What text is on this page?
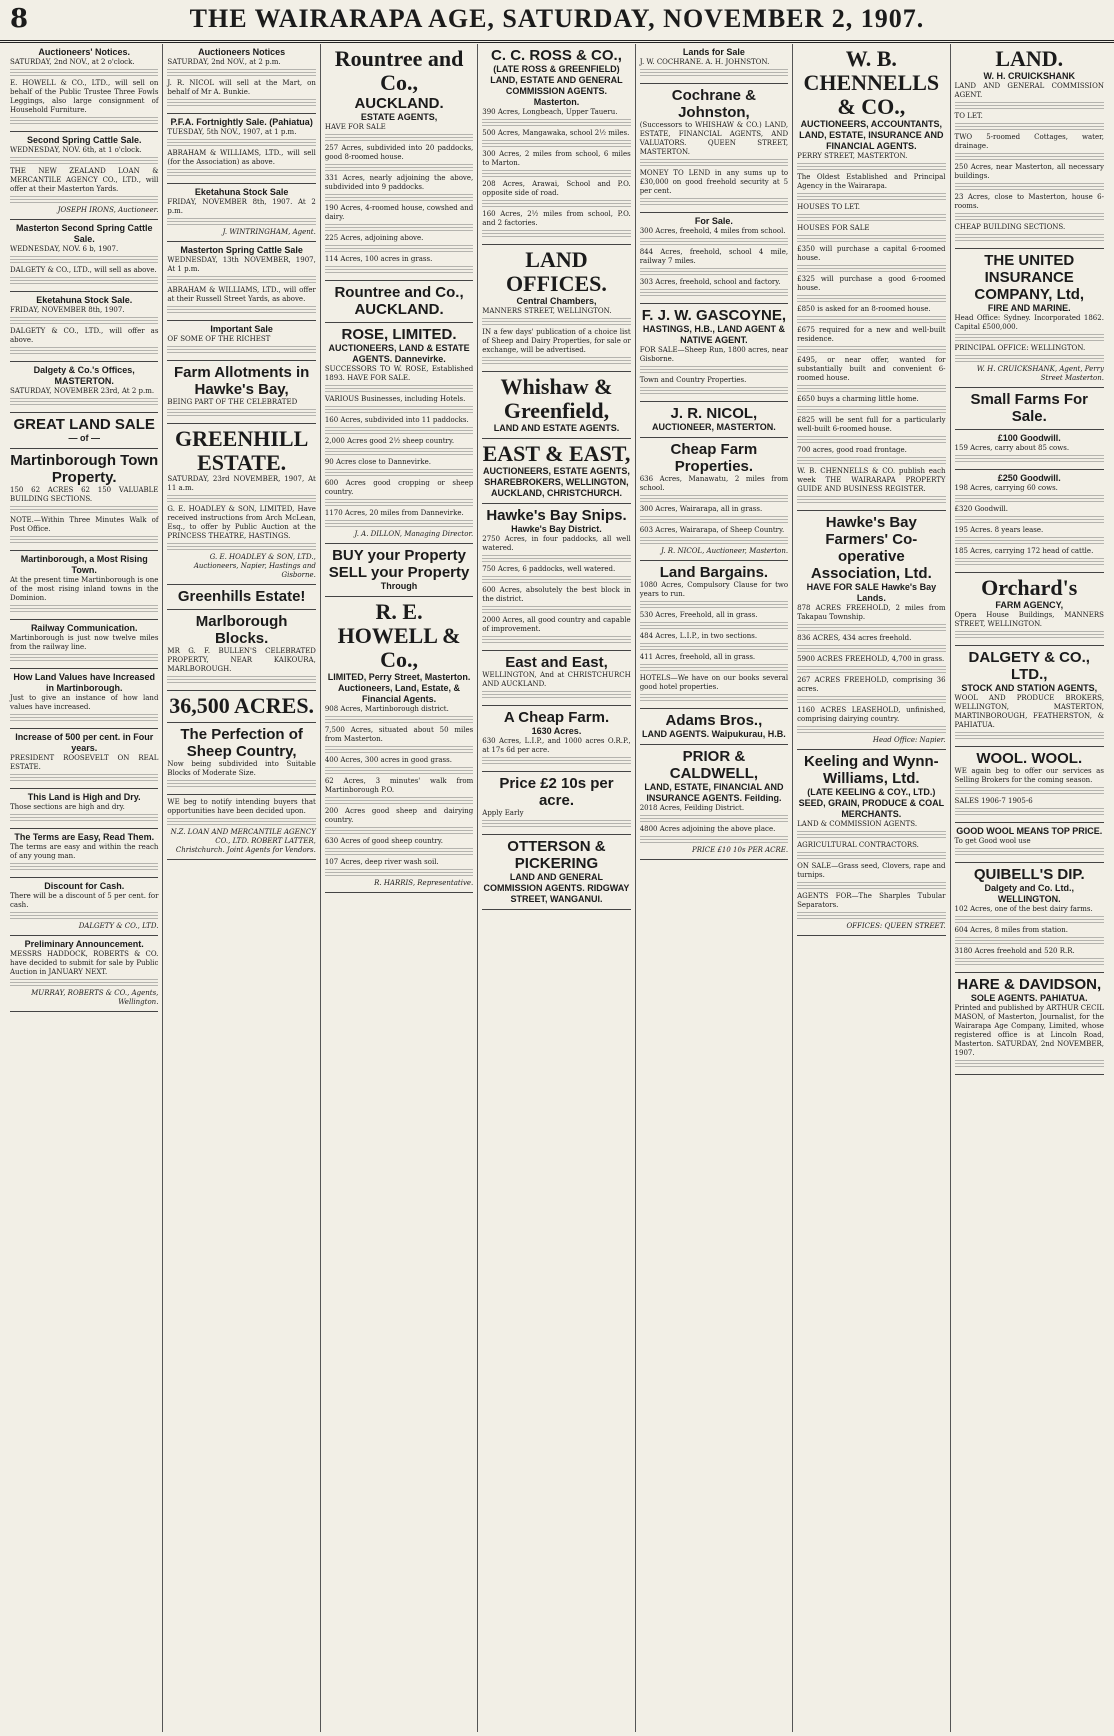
8	THE WAIRARAPA AGE, SATURDAY, NOVEMBER 2, 1907.
Auctioneers' Notices.
SATURDAY, 2nd NOV., at 2 o'clock.
E. HOWELL & CO., LTD., will sell on behalf of the Public Trustee Three Fowls Leggings, also large consignment of Household Furniture.
Second Spring Cattle Sale.
WEDNESDAY, NOV. 6th, at 1 o'clock.
THE NEW ZEALAND LOAN & MERCANTILE AGENCY CO., LTD., will offer at their Masterton Yards.
JOSEPH IRONS, Auctioneer.
Masterton Second Spring Cattle Sale.
WEDNESDAY, NOV. 6 b, 1907.
DALGETY & CO., LTD., will sell as above.
Eketahuna Stock Sale.
FRIDAY, NOVEMBER 8th, 1907.
DALGETY & CO., LTD., will offer as above.
Dalgety & Co.'s Offices, MASTERTON.
SATURDAY, NOVEMBER 23rd, At 2 p.m.
GREAT LAND SALE
— of —
Martinborough Town Property.
150 62 ACRES 62 150 VALUABLE BUILDING SECTIONS.
NOTE.—Within Three Minutes Walk of Post Office.
Martinborough, a Most Rising Town.
At the present time Martinborough is one of the most rising inland towns in the Dominion.
Railway Communication.
Martinborough is just now twelve miles from the railway line.
How Land Values have Increased in Martinborough.
Just to give an instance of how land values have increased.
Increase of 500 per cent. in Four years.
PRESIDENT ROOSEVELT ON REAL ESTATE.
This Land is High and Dry.
Those sections are high and dry.
The Terms are Easy, Read Them.
The terms are easy and within the reach of any young man.
Discount for Cash.
There will be a discount of 5 per cent. for cash.
DALGETY & CO., LTD.
Preliminary Announcement.
MESSRS HADDOCK, ROBERTS & CO. have decided to submit for sale by Public Auction in JANUARY NEXT.
MURRAY, ROBERTS & CO., Agents, Wellington.
Auctioneers Notices
SATURDAY, 2nd NOV., at 2 p.m.
J. R. NICOL will sell at the Mart, on behalf of Mr A. Bunkie.
P.F.A. Fortnightly Sale. (Pahiatua)
TUESDAY, 5th NOV., 1907, at 1 p.m.
ABRAHAM & WILLIAMS, LTD., will sell (for the Association) as above.
Eketahuna Stock Sale
FRIDAY, NOVEMBER 8th, 1907. At 2 p.m.
J. WINTRINGHAM, Agent.
Masterton Spring Cattle Sale
WEDNESDAY, 13th NOVEMBER, 1907, At 1 p.m.
ABRAHAM & WILLIAMS, LTD., will offer at their Russell Street Yards, as above.
Important Sale
OF SOME OF THE RICHEST
Farm Allotments in Hawke's Bay,
BEING PART OF THE CELEBRATED
GREENHILL ESTATE.
SATURDAY, 23rd NOVEMBER, 1907, At 11 a.m.
G. E. HOADLEY & SON, LIMITED, Have received instructions from Arch McLean, Esq., to offer by Public Auction at the PRINCESS THEATRE, HASTINGS.
G. E. HOADLEY & SON, LTD., Auctioneers, Napier, Hastings and Gisborne.
Greenhills Estate!
Marlborough Blocks.
MR G. F. BULLEN'S CELEBRATED PROPERTY, NEAR KAIKOURA, MARLBOROUGH.
36,500 ACRES.
The Perfection of Sheep Country,
Now being subdivided into Suitable Blocks of Moderate Size.
WE beg to notify intending buyers that opportunities have been decided upon.
N.Z. LOAN AND MERCANTILE AGENCY CO., LTD. ROBERT LATTER, Christchurch. Joint Agents for Vendors.
Rountree and Co.,
AUCKLAND.
ESTATE AGENTS,
HAVE FOR SALE
257 Acres, subdivided into 20 paddocks, good 8-roomed house.
331 Acres, nearly adjoining the above, subdivided into 9 paddocks.
190 Acres, 4-roomed house, cowshed and dairy.
225 Acres, adjoining above.
114 Acres, 100 acres in grass.
Rountree and Co., AUCKLAND.
ROSE, LIMITED.
AUCTIONEERS, LAND & ESTATE AGENTS. Dannevirke.
SUCCESSORS TO W. ROSE, Established 1893. HAVE FOR SALE.
VARIOUS Businesses, including Hotels.
160 Acres, subdivided into 11 paddocks.
2,000 Acres good 2½ sheep country.
90 Acres close to Dannevirke.
600 Acres good cropping or sheep country.
1170 Acres, 20 miles from Dannevirke.
J. A. DILLON, Managing Director.
BUY your Property SELL your Property
Through
R. E. HOWELL & Co.,
LIMITED, Perry Street, Masterton. Auctioneers, Land, Estate, & Financial Agents.
908 Acres, Martinborough district.
7,500 Acres, situated about 50 miles from Masterton.
400 Acres, 300 acres in good grass.
62 Acres, 3 minutes' walk from Martinborough P.O.
200 Acres good sheep and dairying country.
630 Acres of good sheep country.
107 Acres, deep river wash soil.
R. HARRIS, Representative.
C. C. ROSS & CO.,
(LATE ROSS & GREENFIELD) LAND, ESTATE AND GENERAL COMMISSION AGENTS. Masterton.
390 Acres, Longbeach, Upper Taueru.
500 Acres, Mangawaka, school 2½ miles.
300 Acres, 2 miles from school, 6 miles to Marton.
208 Acres, Arawai, School and P.O. opposite side of road.
160 Acres, 2½ miles from school, P.O. and 2 factories.
LAND OFFICES.
Central Chambers,
MANNERS STREET, WELLINGTON.
IN a few days' publication of a choice list of Sheep and Dairy Properties, for sale or exchange, will be advertised.
Whishaw & Greenfield,
LAND AND ESTATE AGENTS.
EAST & EAST,
AUCTIONEERS, ESTATE AGENTS, SHAREBROKERS, WELLINGTON, AUCKLAND, CHRISTCHURCH.
Hawke's Bay Snips.
Hawke's Bay District.
2750 Acres, in four paddocks, all well watered.
750 Acres, 6 paddocks, well watered.
600 Acres, absolutely the best block in the district.
2000 Acres, all good country and capable of improvement.
East and East,
WELLINGTON, And at CHRISTCHURCH AND AUCKLAND.
A Cheap Farm.
1630 Acres.
630 Acres, L.I.P., and 1000 acres O.R.P., at 17s 6d per acre.
Price £2 10s per acre.
Apply Early
OTTERSON & PICKERING
LAND AND GENERAL COMMISSION AGENTS. RIDGWAY STREET, WANGANUI.
Lands for Sale
J. W. COCHRANE. A. H. JOHNSTON.
Cochrane & Johnston,
(Successors to WHISHAW & CO.) LAND, ESTATE, FINANCIAL AGENTS, AND VALUATORS. QUEEN STREET, MASTERTON.
MONEY TO LEND in any sums up to £30,000 on good freehold security at 5 per cent.
For Sale.
300 Acres, freehold, 4 miles from school.
844 Acres, freehold, school 4 mile, railway 7 miles.
303 Acres, freehold, school and factory.
F. J. W. GASCOYNE,
HASTINGS, H.B., LAND AGENT & NATIVE AGENT.
FOR SALE—Sheep Run, 1800 acres, near Gisborne.
Town and Country Properties.
J. R. NICOL,
AUCTIONEER, MASTERTON.
Cheap Farm Properties.
636 Acres, Manawatu, 2 miles from school.
300 Acres, Wairarapa, all in grass.
603 Acres, Wairarapa, of Sheep Country.
J. R. NICOL, Auctioneer, Masterton.
Land Bargains.
1080 Acres, Compulsory Clause for two years to run.
530 Acres, Freehold, all in grass.
484 Acres, L.I.P., in two sections.
411 Acres, freehold, all in grass.
HOTELS—We have on our books several good hotel properties.
Adams Bros.,
LAND AGENTS. Waipukurau, H.B.
PRIOR & CALDWELL,
LAND, ESTATE, FINANCIAL AND INSURANCE AGENTS. Feilding.
2018 Acres, Feilding District.
4800 Acres adjoining the above place.
PRICE £10 10s PER ACRE.
W. B. CHENNELLS & CO.,
AUCTIONEERS, ACCOUNTANTS, LAND, ESTATE, INSURANCE AND FINANCIAL AGENTS.
PERRY STREET, MASTERTON.
The Oldest Established and Principal Agency in the Wairarapa.
HOUSES TO LET.
HOUSES FOR SALE
£350 will purchase a capital 6-roomed house.
£325 will purchase a good 6-roomed house.
£850 is asked for an 8-roomed house.
£675 required for a new and well-built residence.
£495, or near offer, wanted for substantially built and convenient 6-roomed house.
£650 buys a charming little home.
£825 will be sent full for a particularly well-built 6-roomed house.
700 acres, good road frontage.
W. B. CHENNELLS & CO. publish each week THE WAIRARAPA PROPERTY GUIDE AND BUSINESS REGISTER.
Hawke's Bay Farmers' Co-operative Association, Ltd.
HAVE FOR SALE Hawke's Bay Lands.
878 ACRES FREEHOLD, 2 miles from Takapau Township.
836 ACRES, 434 acres freehold.
5900 ACRES FREEHOLD, 4,700 in grass.
267 ACRES FREEHOLD, comprising 36 acres.
1160 ACRES LEASEHOLD, unfinished, comprising dairying country.
Head Office: Napier.
Keeling and Wynn-Williams, Ltd.
(LATE KEELING & COY., LTD.) SEED, GRAIN, PRODUCE & COAL MERCHANTS.
LAND & COMMISSION AGENTS.
AGRICULTURAL CONTRACTORS.
ON SALE—Grass seed, Clovers, rape and turnips.
AGENTS FOR—The Sharples Tubular Separators.
OFFICES: QUEEN STREET.
LAND.
W. H. CRUICKSHANK
LAND AND GENERAL COMMISSION AGENT.
TO LET.
TWO 5-roomed Cottages, water, drainage.
250 Acres, near Masterton, all necessary buildings.
23 Acres, close to Masterton, house 6-rooms.
CHEAP BUILDING SECTIONS.
THE UNITED INSURANCE COMPANY, Ltd,
FIRE AND MARINE.
Head Office: Sydney. Incorporated 1862. Capital £500,000.
PRINCIPAL OFFICE: WELLINGTON.
W. H. CRUICKSHANK, Agent, Perry Street Masterton.
Small Farms For Sale.
£100 Goodwill.
159 Acres, carry about 85 cows.
£250 Goodwill.
198 Acres, carrying 60 cows.
£320 Goodwill.
195 Acres. 8 years lease.
185 Acres, carrying 172 head of cattle.
Orchard's
FARM AGENCY,
Opera House Buildings, MANNERS STREET, WELLINGTON.
DALGETY & CO., LTD.,
STOCK AND STATION AGENTS,
WOOL AND PRODUCE BROKERS, WELLINGTON, MASTERTON, MARTINBOROUGH, FEATHERSTON, & PAHIATUA.
WOOL. WOOL.
WE again beg to offer our services as Selling Brokers for the coming season.
SALES 1906-7 1905-6
GOOD WOOL MEANS TOP PRICE.
To get Good wool use
QUIBELL'S DIP.
Dalgety and Co. Ltd., WELLINGTON.
102 Acres, one of the best dairy farms.
604 Acres, 8 miles from station.
3180 Acres freehold and 520 R.R.
HARE & DAVIDSON,
SOLE AGENTS. PAHIATUA.
Printed and published by ARTHUR CECIL MASON, of Masterton, Journalist, for the Wairarapa Age Company, Limited, whose registered office is at Lincoln Road, Masterton. SATURDAY, 2nd NOVEMBER, 1907.
